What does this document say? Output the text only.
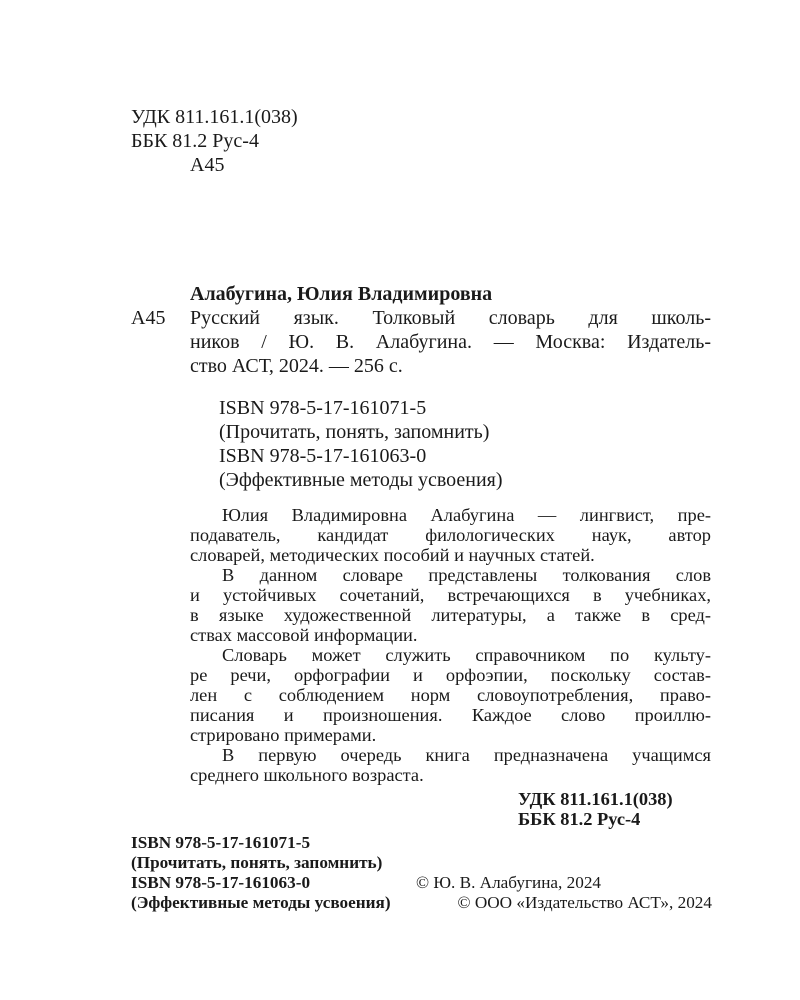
УДК 811.161.1(038)
ББК 81.2 Рус-4
А45
Алабугина, Юлия Владимировна
А45 Русский язык. Толковый словарь для школь-
ников / Ю. В. Алабугина. — Москва: Издатель-
ство АСТ, 2024. — 256 с.
ISBN 978-5-17-161071-5
(Прочитать, понять, запомнить)
ISBN 978-5-17-161063-0
(Эффективные методы усвоения)
Юлия Владимировна Алабугина — лингвист, пре-
подаватель, кандидат филологических наук, автор
словарей, методических пособий и научных статей.
В данном словаре представлены толкования слов
и устойчивых сочетаний, встречающихся в учебниках,
в языке художественной литературы, а также в сред-
ствах массовой информации.
Словарь может служить справочником по культу-
ре речи, орфографии и орфоэпии, поскольку состав-
лен с соблюдением норм словоупотребления, право-
писания и произношения. Каждое слово проиллю-
стрировано примерами.
В первую очередь книга предназначена учащимся
среднего школьного возраста.
УДК 811.161.1(038)
ББК 81.2 Рус-4
ISBN 978-5-17-161071-5
(Прочитать, понять, запомнить)
ISBN 978-5-17-161063-0
(Эффективные методы усвоения)
© Ю. В. Алабугина, 2024
© ООО «Издательство АСТ», 2024
